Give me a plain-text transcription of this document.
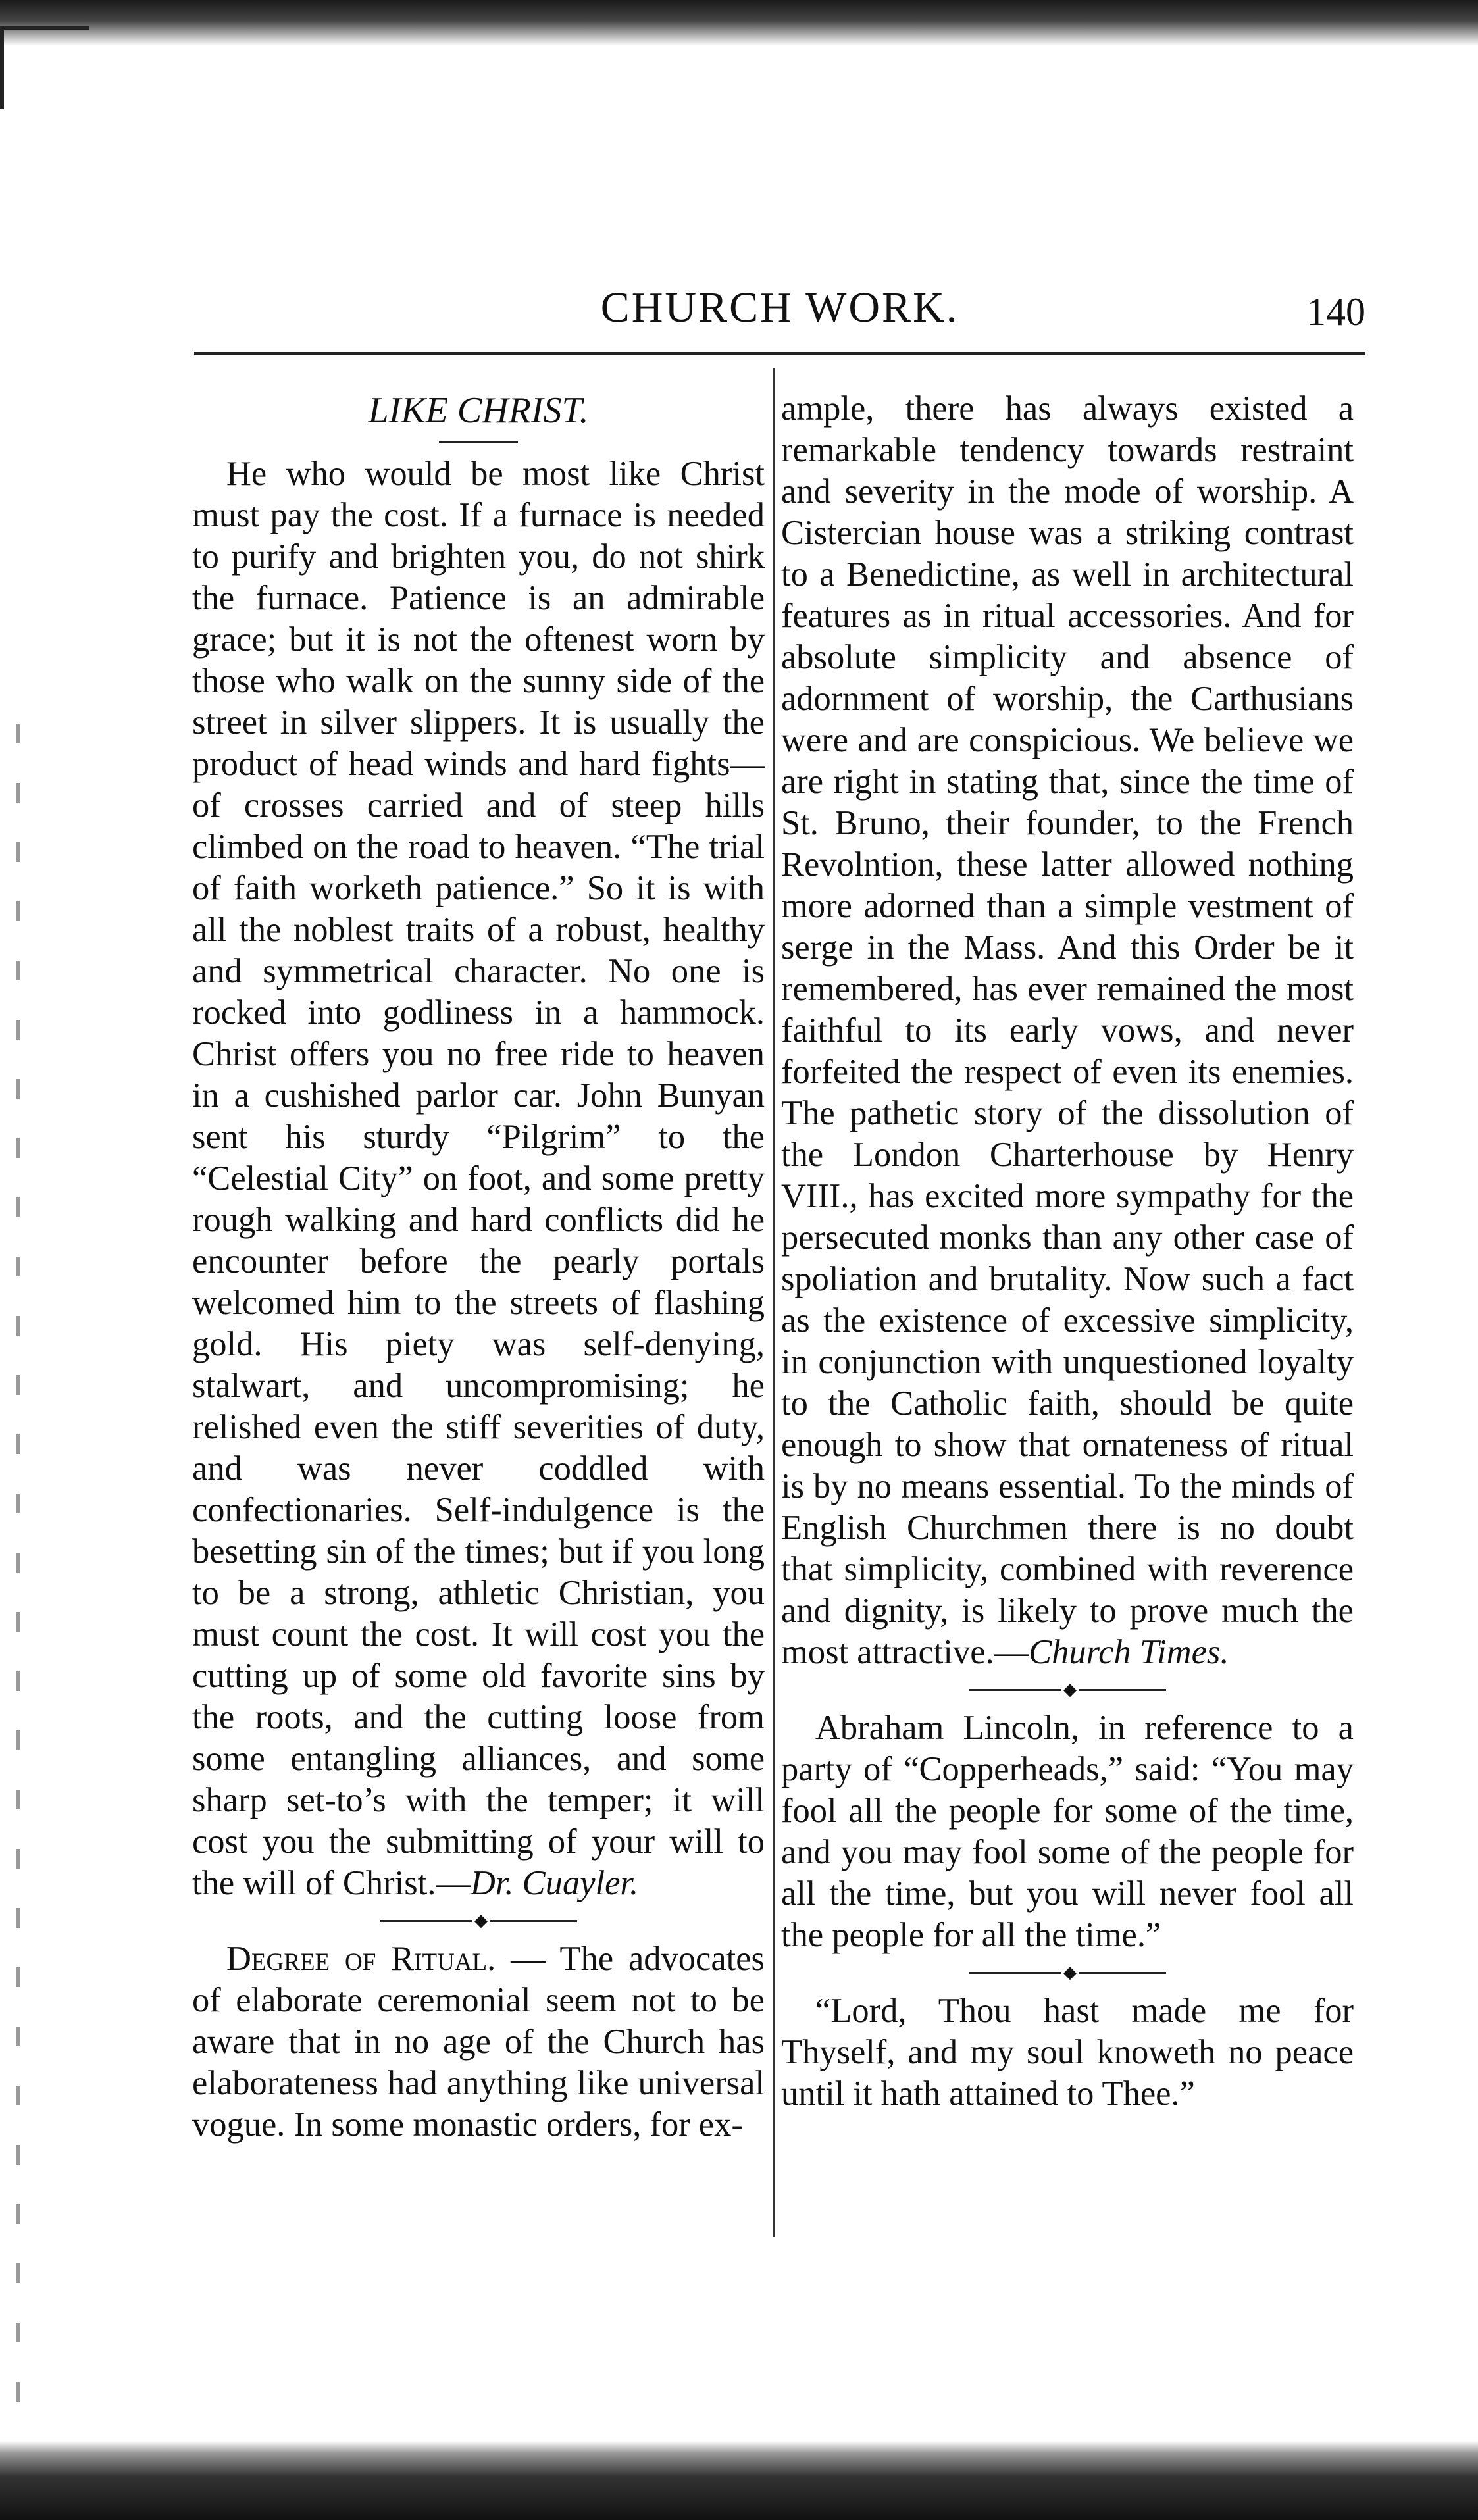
CHURCH WORK.	140
LIKE CHRIST.

He who would be most like Christ must pay the cost. If a furnace is needed to purify and brighten you, do not shirk the furnace. Patience is an admirable grace; but it is not the oftenest worn by those who walk on the sunny side of the street in silver slippers. It is usually the product of head winds and hard fights—of crosses carried and of steep hills climbed on the road to heaven. “The trial of faith worketh patience.” So it is with all the noblest traits of a robust, healthy and symmetrical character. No one is rocked into godliness in a hammock. Christ offers you no free ride to heaven in a cushished parlor car. John Bunyan sent his sturdy “Pilgrim” to the “Celestial City” on foot, and some pretty rough walking and hard conflicts did he encounter before the pearly portals welcomed him to the streets of flashing gold. His piety was self-denying, stalwart, and uncompromising; he relished even the stiff severities of duty, and was never coddled with confectionaries. Self-indulgence is the besetting sin of the times; but if you long to be a strong, athletic Christian, you must count the cost. It will cost you the cutting up of some old favorite sins by the roots, and the cutting loose from some entangling alliances, and some sharp set-to’s with the temper; it will cost you the submitting of your will to the will of Christ.—Dr. Cuayler.

◆

Degree of Ritual. — The advocates of elaborate ceremonial seem not to be aware that in no age of the Church has elaborateness had anything like universal vogue. In some monastic orders, for ex-

ample, there has always existed a remarkable tendency towards restraint and severity in the mode of worship. A Cistercian house was a striking contrast to a Benedictine, as well in architectural features as in ritual accessories. And for absolute simplicity and absence of adornment of worship, the Carthusians were and are conspicious. We believe we are right in stating that, since the time of St. Bruno, their founder, to the French Revolntion, these latter allowed nothing more adorned than a simple vestment of serge in the Mass. And this Order be it remembered, has ever remained the most faithful to its early vows, and never forfeited the respect of even its enemies. The pathetic story of the dissolution of the London Charterhouse by Henry VIII., has excited more sympathy for the persecuted monks than any other case of spoliation and brutality. Now such a fact as the existence of excessive simplicity, in conjunction with unquestioned loyalty to the Catholic faith, should be quite enough to show that ornateness of ritual is by no means essential. To the minds of English Churchmen there is no doubt that simplicity, combined with reverence and dignity, is likely to prove much the most attractive.—Church Times.

◆

Abraham Lincoln, in reference to a party of “Copperheads,” said: “You may fool all the people for some of the time, and you may fool some of the people for all the time, but you will never fool all the people for all the time.”

◆

“Lord, Thou hast made me for Thyself, and my soul knoweth no peace until it hath attained to Thee.”
